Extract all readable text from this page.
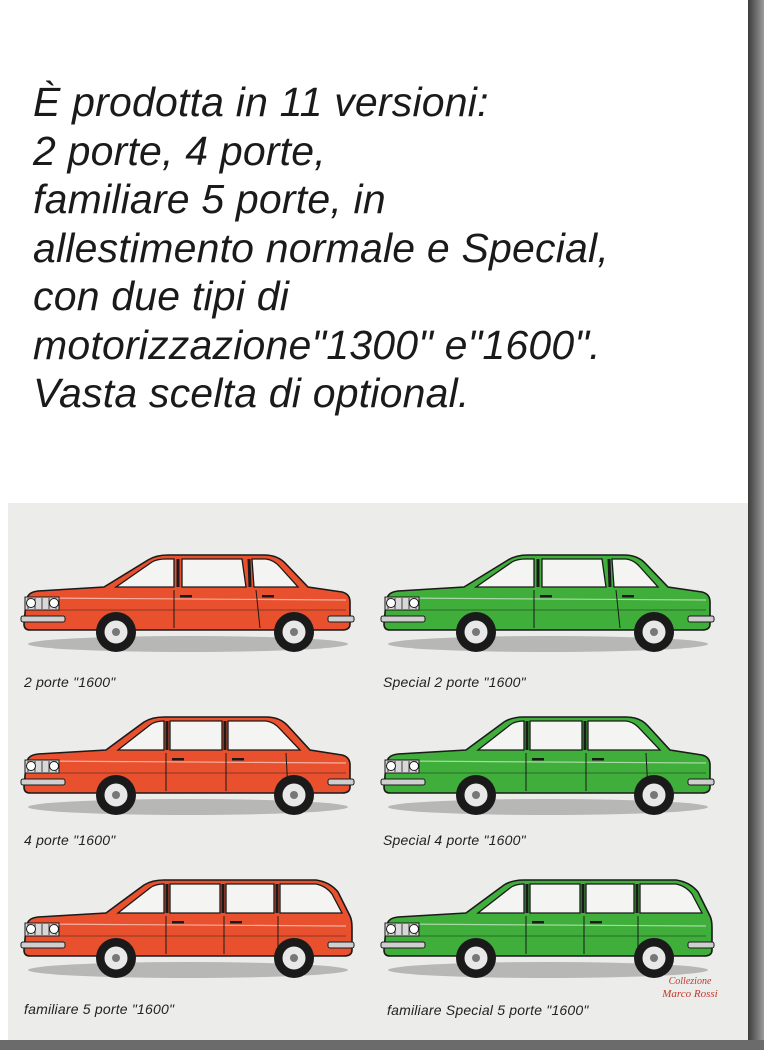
È prodotta in 11 versioni:
2 porte, 4 porte,
familiare 5 porte, in
allestimento normale e Special,
con due tipi di
motorizzazione"1300" e"1600".
Vasta scelta di optional.
2 porte "1600"	Special 2 porte "1600"
4 porte "1600"	Special 4 porte "1600"
familiare 5 porte "1600"	familiare Special 5 porte "1600"
Collezione
Marco Rossi
